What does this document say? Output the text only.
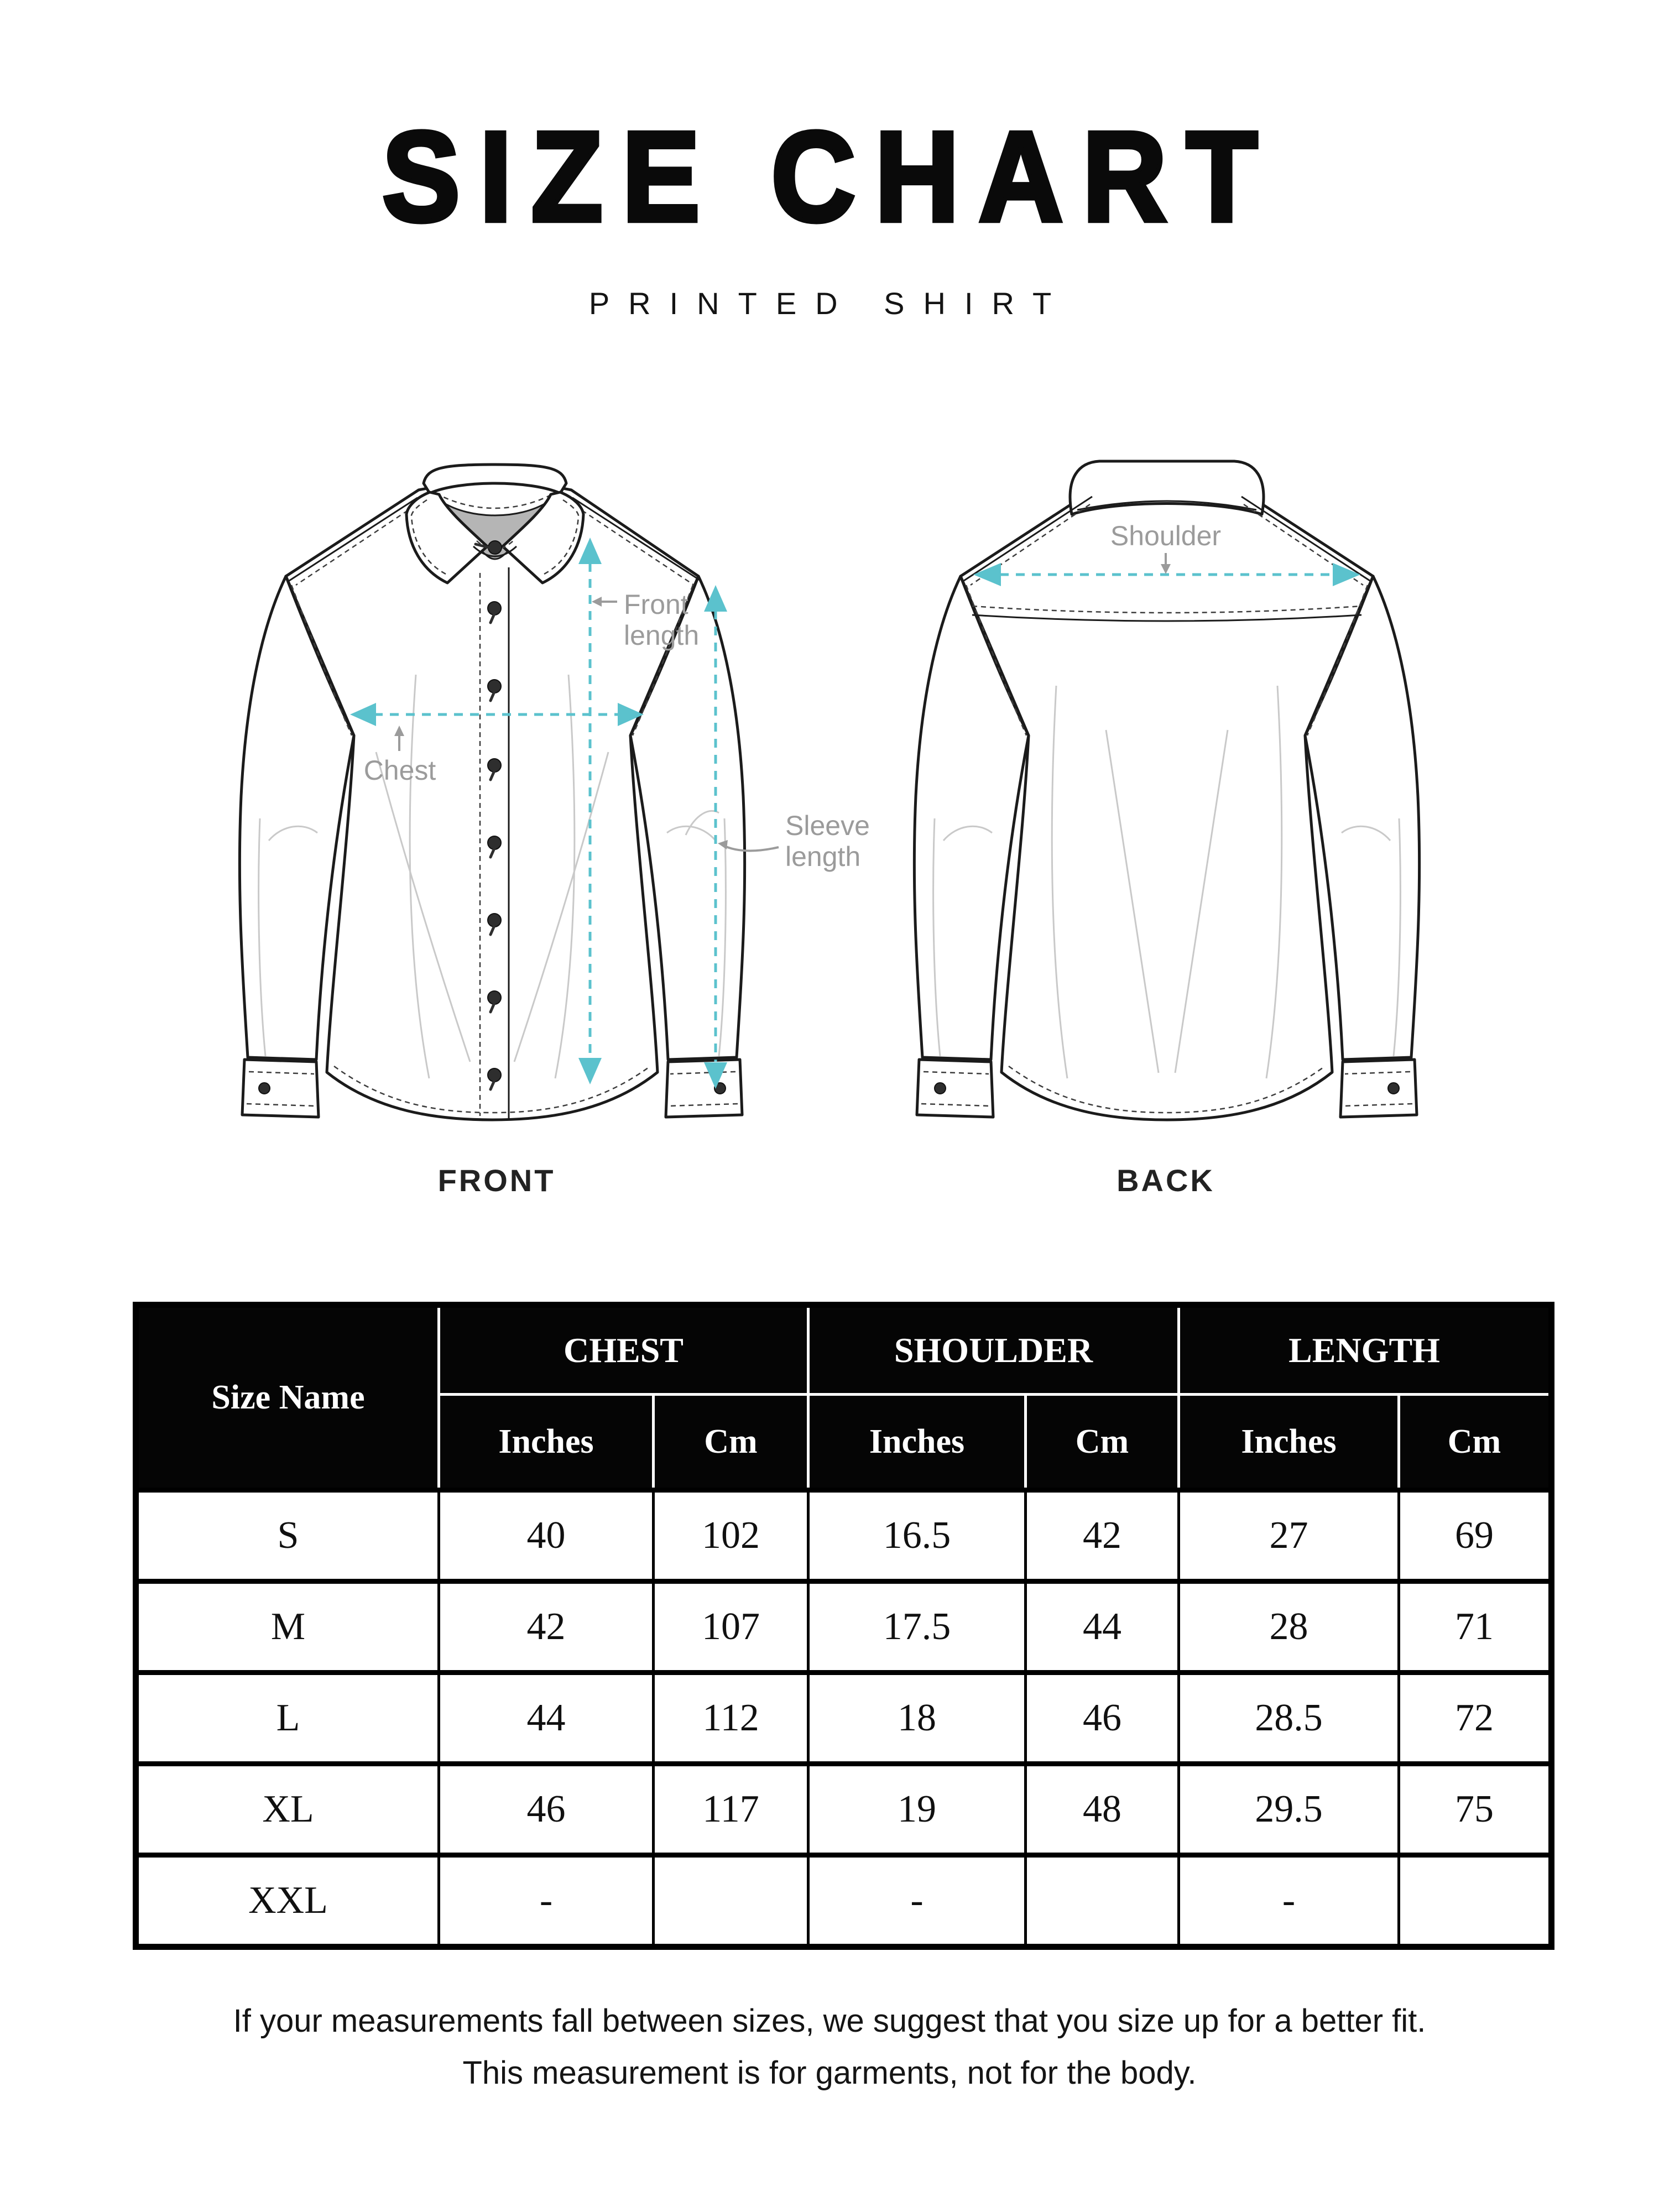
SIZE CHART
PRINTED SHIRT
Chest
Front
length
Sleeve
length
Shoulder
FRONT	BACK
Size Name	CHEST		SHOULDER		LENGTH	
	Inches	Cm	Inches	Cm	Inches	Cm
S	40	102	16.5	42	27	69
M	42	107	17.5	44	28	71
L	44	112	18	46	28.5	72
XL	46	117	19	48	29.5	75
XXL	-		-		-	
If your measurements fall between sizes, we suggest that you size up for a better fit.
This measurement is for garments, not for the body.
